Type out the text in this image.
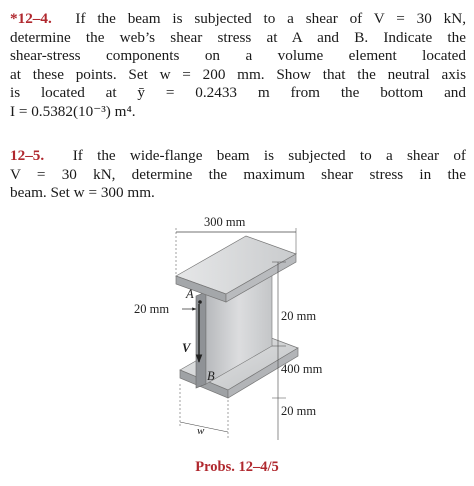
*12–4. If the beam is subjected to a shear of V = 30 kN,
determine the web’s shear stress at A and B. Indicate the
shear-stress components on a volume element located
at these points. Set w = 200 mm. Show that the neutral axis
is located at ȳ = 0.2433 m from the bottom and
I = 0.5382(10⁻³) m⁴.
12–5. If the wide-flange beam is subjected to a shear of
V = 30 kN, determine the maximum shear stress in the
beam. Set w = 300 mm.
300 mm
20 mm
A
B
V
20 mm
400 mm
20 mm
w
Probs. 12–4/5
